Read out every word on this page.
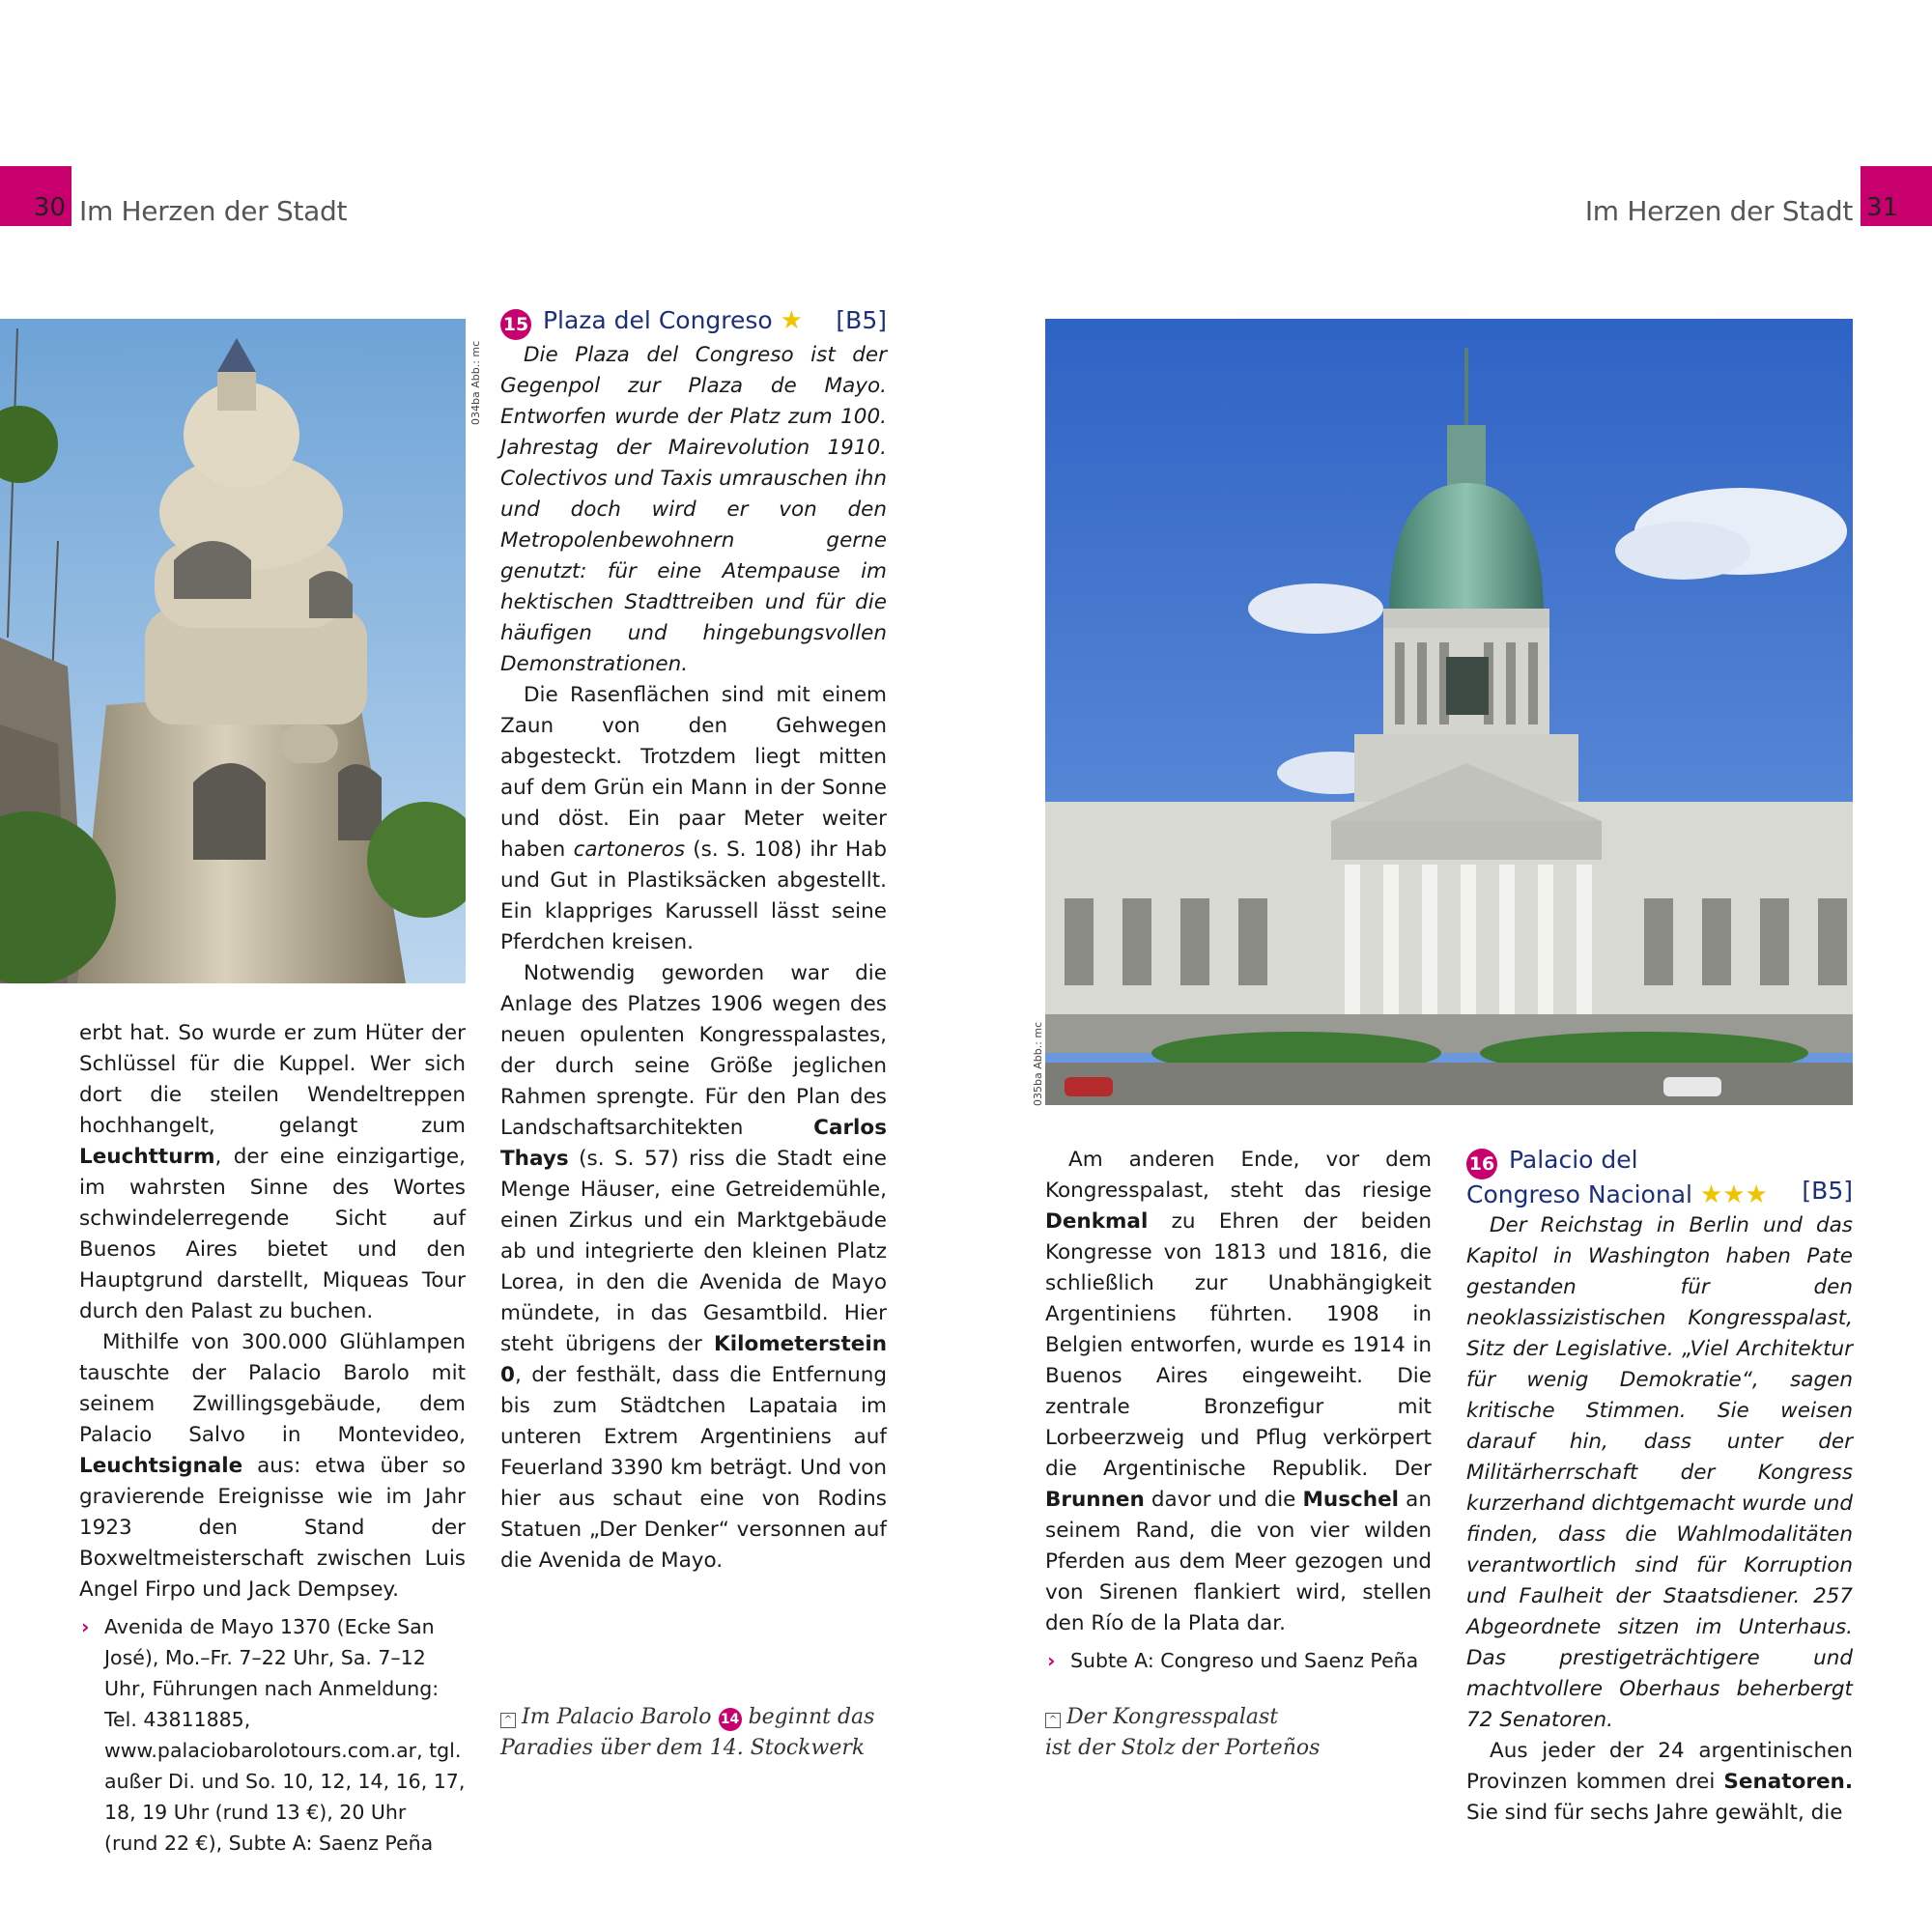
30 Im Herzen der Stadt	Im Herzen der Stadt 31
034ba Abb.: mc

erbt hat. So wurde er zum Hüter der Schlüssel für die Kuppel. Wer sich dort die steilen Wendeltreppen hochhangelt, gelangt zum Leuchtturm, der eine einzigartige, im wahrsten Sinne des Wortes schwindelerregende Sicht auf Buenos Aires bietet und den Hauptgrund darstellt, Miqueas Tour durch den Palast zu buchen.

Mithilfe von 300.000 Glühlampen tauschte der Palacio Barolo mit seinem Zwillingsgebäude, dem Palacio Salvo in Montevideo, Leuchtsignale aus: etwa über so gravierende Ereignisse wie im Jahr 1923 den Stand der Boxweltmeisterschaft zwischen Luis Angel Firpo und Jack Dempsey.

› Avenida de Mayo 1370 (Ecke San José), Mo.–Fr. 7–22 Uhr, Sa. 7–12 Uhr, Führungen nach Anmeldung: Tel. 43811885, www.palaciobarolotours.com.ar, tgl. außer Di. und So. 10, 12, 14, 16, 17, 18, 19 Uhr (rund 13 €), 20 Uhr (rund 22 €), Subte A: Saenz Peña
15 Plaza del Congreso ★ [B5]

Die Plaza del Congreso ist der Gegenpol zur Plaza de Mayo. Entworfen wurde der Platz zum 100. Jahrestag der Mairevolution 1910. Colectivos und Taxis umrauschen ihn und doch wird er von den Metropolenbewohnern gerne genutzt: für eine Atempause im hektischen Stadttreiben und für die häufigen und hingebungsvollen Demonstrationen.

Die Rasenflächen sind mit einem Zaun von den Gehwegen abgesteckt. Trotzdem liegt mitten auf dem Grün ein Mann in der Sonne und döst. Ein paar Meter weiter haben cartoneros (s. S. 108) ihr Hab und Gut in Plastiksäcken abgestellt. Ein klappriges Karussell lässt seine Pferdchen kreisen.

Notwendig geworden war die Anlage des Platzes 1906 wegen des neuen opulenten Kongresspalastes, der durch seine Größe jeglichen Rahmen sprengte. Für den Plan des Landschaftsarchitekten	Carlos Thays (s. S. 57) riss die Stadt eine Menge Häuser, eine Getreidemühle, einen Zirkus und ein Marktgebäude ab und integrierte den kleinen Platz Lorea, in den die Avenida de Mayo mündete, in das Gesamtbild. Hier steht übrigens der Kilometerstein 0, der festhält, dass die Entfernung bis zum Städtchen Lapataia im unteren Extrem Argentiniens auf Feuerland 3390 km beträgt. Und von hier aus schaut eine von Rodins Statuen „Der Denker“ versonnen auf die Avenida de Mayo.

^ Im Palacio Barolo 14 beginnt das Paradies über dem 14. Stockwerk
035ba Abb.: mc

Am anderen Ende, vor dem Kongresspalast, steht das riesige Denkmal zu Ehren der beiden Kongresse von 1813 und 1816, die schließlich zur Unabhängigkeit Argentiniens führten. 1908 in Belgien entworfen, wurde es 1914 in Buenos Aires eingeweiht. Die zentrale Bronzefigur mit Lorbeerzweig und Pflug verkörpert die Argentinische Republik. Der Brunnen davor und die Muschel an seinem Rand, die von vier wilden Pferden aus dem Meer gezogen und von Sirenen flankiert wird, stellen den Río de la Plata dar.

› Subte A: Congreso und Saenz Peña
^ Der Kongresspalast
ist der Stolz der Porteños
16 Palacio del
Congreso Nacional ★★★ [B5]

Der Reichstag in Berlin und das Kapitol in Washington haben Pate gestanden für den neoklassizistischen Kongresspalast, Sitz der Legislative. „Viel Architektur für wenig Demokratie“, sagen kritische Stimmen. Sie weisen darauf hin, dass unter der Militärherrschaft der Kongress kurzerhand dichtgemacht wurde und finden, dass die Wahlmodalitäten verantwortlich sind für Korruption und Faulheit der Staatsdiener. 257 Abgeordnete sitzen im Unterhaus. Das prestigeträchtigere und machtvollere Oberhaus beherbergt 72 Senatoren.

Aus jeder der 24 argentinischen Provinzen kommen drei Senatoren. Sie sind für sechs Jahre gewählt, die
